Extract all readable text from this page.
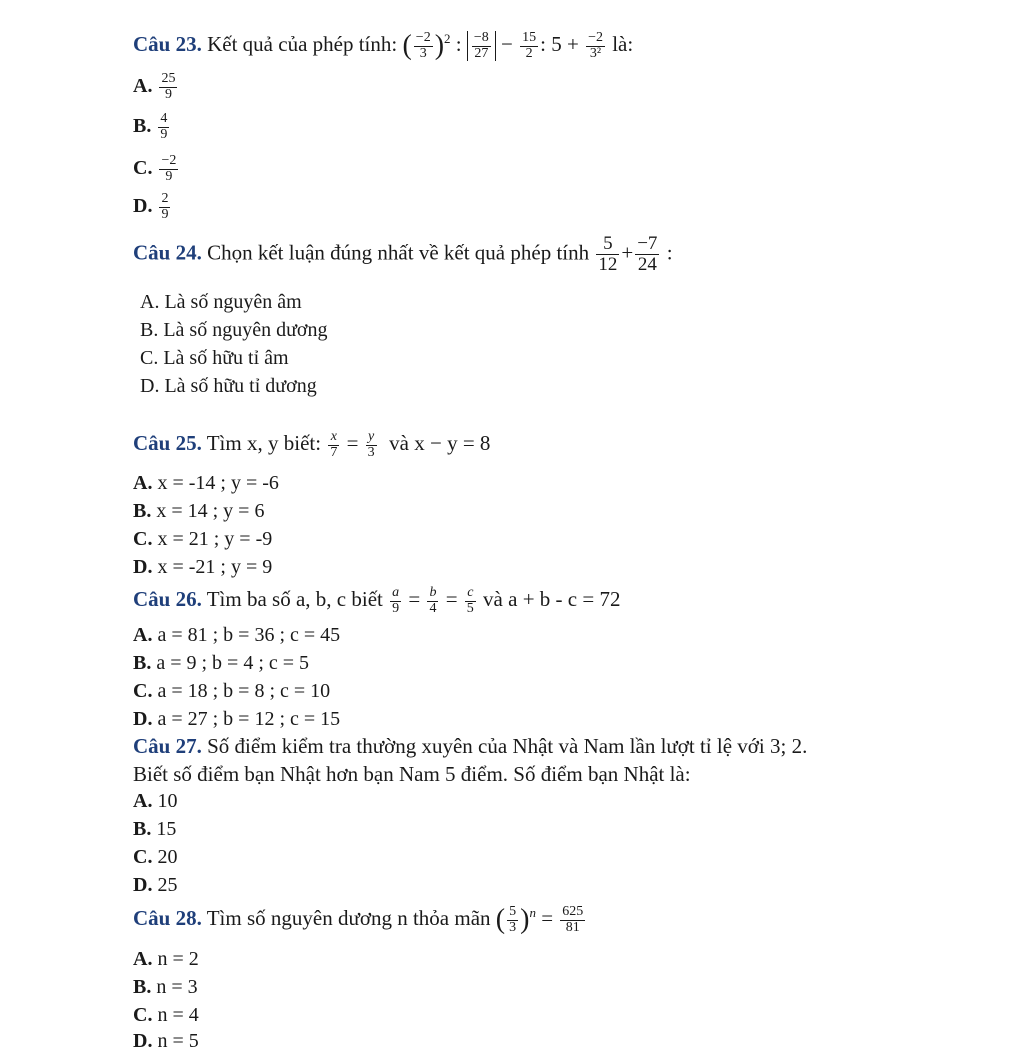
Câu 23. Kết quả của phép tính: ( $\frac{-2}{3} )^2$ : $\frac{-8}{27} - \frac{15}{2}$ : $5 + \frac{-2}{\text{3²}}$ là:
A. $\frac{25}{9}$
B. $\frac{4}{9}$
C. $\frac{-2}{9}$
D. $\frac{2}{9}$
Câu 24. Chọn kết luận đúng nhất về kết quả phép tính $\frac{5}{12} + \frac{-7}{24}$ :
A. Là số nguyên âm
B. Là số nguyên dương
C. Là số hữu tỉ âm
D. Là số hữu tỉ dương
Câu 25. Tìm x, y biết: $\frac{x}{7} = \frac{y}{3}$ và x − y = 8
A. x = -14 ; y = -6
B. x = 14 ; y = 6
C. x = 21 ; y = -9
D. x = -21 ; y = 9
Câu 26. Tìm ba số a, b, c biết $\frac{a}{9} = \frac{b}{4} = \frac{c}{5}$ và a + b - c = 72
A. a = 81 ; b = 36 ; c = 45
B. a = 9 ; b = 4 ; c = 5
C. a = 18 ; b = 8 ; c = 10
D. a = 27 ; b = 12 ; c = 15
Câu 27. Số điểm kiểm tra thường xuyên của Nhật và Nam lần lượt tỉ lệ với 3; 2.
Biết số điểm bạn Nhật hơn bạn Nam 5 điểm. Số điểm bạn Nhật là:
A. 10
B. 15
C. 20
D. 25
Câu 28. Tìm số nguyên dương n thỏa mãn ( $\frac{5}{3} )^n = \frac{625}{81}$
A. n = 2
B. n = 3
C. n = 4
D. n = 5
